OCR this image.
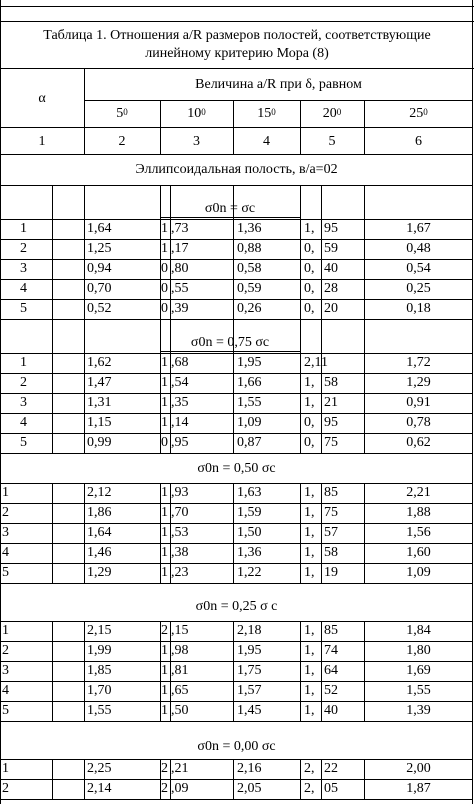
Таблица 1. Отношения a/R размеров полостей, соответствующие
линейному критерию Мора (8)
α
Величина a/R при δ, равном
$5^0$	$10^0$	$15^0$	$20^0$	$25^0$
1	2	3	4	5	6
Эллипсоидальная полость, в/а=02
σ0n = σc
1	1,64	1 ,73	1,36	1, 95	1,67
2	1,25	1 ,17	0,88	0, 59	0,48
3	0,94	0 ,80	0,58	0, 40	0,54
4	0,70	0 ,55	0,59	0, 28	0,25
5	0,52	0 ,39	0,26	0, 20	0,18
σ0n = 0,75 σc
1	1,62	1 ,68	1,95	2,11	1,72
2	1,47	1 ,54	1,66	1, 58	1,29
3	1,31	1 ,35	1,55	1, 21	0,91
4	1,15	1 ,14	1,09	0, 95	0,78
5	0,99	0 ,95	0,87	0, 75	0,62
σ0n = 0,50 σc
1	2,12	1 ,93	1,63	1, 85	2,21
2	1,86	1 ,70	1,59	1, 75	1,88
3	1,64	1 ,53	1,50	1, 57	1,56
4	1,46	1 ,38	1,36	1, 58	1,60
5	1,29	1 ,23	1,22	1, 19	1,09
σ0n = 0,25 σ c
1	2,15	2 ,15	2,18	1, 85	1,84
2	1,99	1 ,98	1,95	1, 74	1,80
3	1,85	1 ,81	1,75	1, 64	1,69
4	1,70	1 ,65	1,57	1, 52	1,55
5	1,55	1 ,50	1,45	1, 40	1,39
σ0n = 0,00 σc
1	2,25	2 ,21	2,16	2, 22	2,00
2	2,14	2 ,09	2,05	2, 05	1,87
